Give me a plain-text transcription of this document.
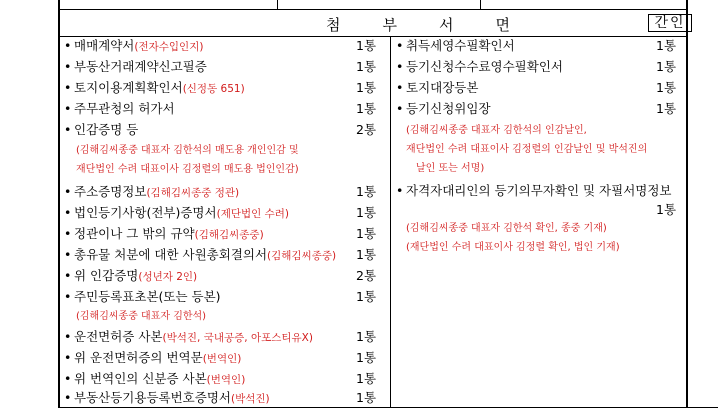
첨부서면	간인
• 매매계약서(전자수입인지)	1통
• 부동산거래계약신고필증	1통
• 토지이용계획확인서(신정동 651)	1통
• 주무관청의 허가서	1통
• 인감증명 등	2통
(김해김씨종중 대표자 김한석의 매도용 개인인감 및
재단법인 수려 대표이사 김정렬의 매도용 법인인감)
• 주소증명정보(김해김씨종중 정관)	1통
• 법인등기사항(전부)증명서(제단법인 수려)	1통
• 정관이나 그 밖의 규약(김해김씨종중)	1통
• 총유물 처분에 대한 사원총회결의서(김해김씨종중) 1통
• 위 인감증명(성년자 2인)	2통
• 주민등록표초본(또는 등본)	1통
(김해김씨종중 대표자 김한석)
• 운전면허증 사본(박석진, 국내공증, 아포스티유X)	1통
• 위 운전면허증의 번역문(번역인)	1통
• 위 번역인의 신분증 사본(번역인)	1통
• 부동산등기용등록번호증명서(박석진)	1통
• 취득세영수필확인서	1통
• 등기신청수수료영수필확인서	1통
• 토지대장등본	1통
• 등기신청위임장	1통
(김해김씨종중 대표자 김한석의 인감날인,
재단법인 수려 대표이사 김정렬의 인감날인 및 박석진의
날인 또는 서명)
• 자격자대리인의 등기의무자확인 및 자필서명정보
1통
(김해김씨종중 대표자 김한석 확인, 종중 기재)
(재단법인 수려 대표이사 김정렬 확인, 법인 기재)
